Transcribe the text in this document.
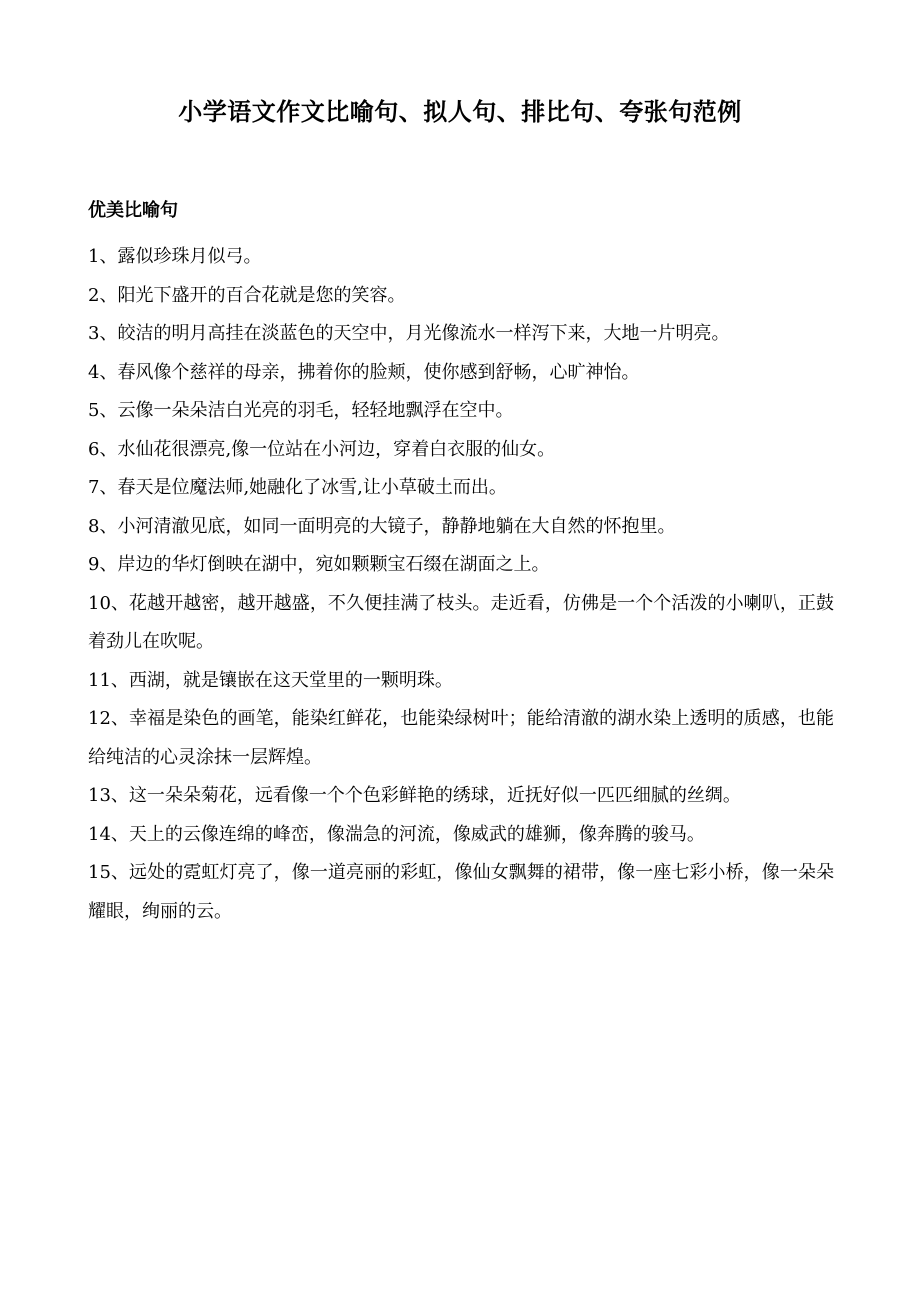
小学语文作文比喻句、拟人句、排比句、夸张句范例
优美比喻句
1、露似珍珠月似弓。
2、阳光下盛开的百合花就是您的笑容。
3、皎洁的明月高挂在淡蓝色的天空中，月光像流水一样泻下来，大地一片明亮。
4、春风像个慈祥的母亲，拂着你的脸颊，使你感到舒畅，心旷神怡。
5、云像一朵朵洁白光亮的羽毛，轻轻地飘浮在空中。
6、水仙花很漂亮,像一位站在小河边，穿着白衣服的仙女。
7、春天是位魔法师,她融化了冰雪,让小草破土而出。
8、小河清澈见底，如同一面明亮的大镜子，静静地躺在大自然的怀抱里。
9、岸边的华灯倒映在湖中，宛如颗颗宝石缀在湖面之上。
10、花越开越密，越开越盛，不久便挂满了枝头。走近看，仿佛是一个个活泼的小喇叭，正鼓着劲儿在吹呢。
11、西湖，就是镶嵌在这天堂里的一颗明珠。
12、幸福是染色的画笔，能染红鲜花，也能染绿树叶；能给清澈的湖水染上透明的质感，也能给纯洁的心灵涂抹一层辉煌。
13、这一朵朵菊花，远看像一个个色彩鲜艳的绣球，近抚好似一匹匹细腻的丝绸。
14、天上的云像连绵的峰峦，像湍急的河流，像威武的雄狮，像奔腾的骏马。
15、远处的霓虹灯亮了，像一道亮丽的彩虹，像仙女飘舞的裙带，像一座七彩小桥，像一朵朵耀眼，绚丽的云。
